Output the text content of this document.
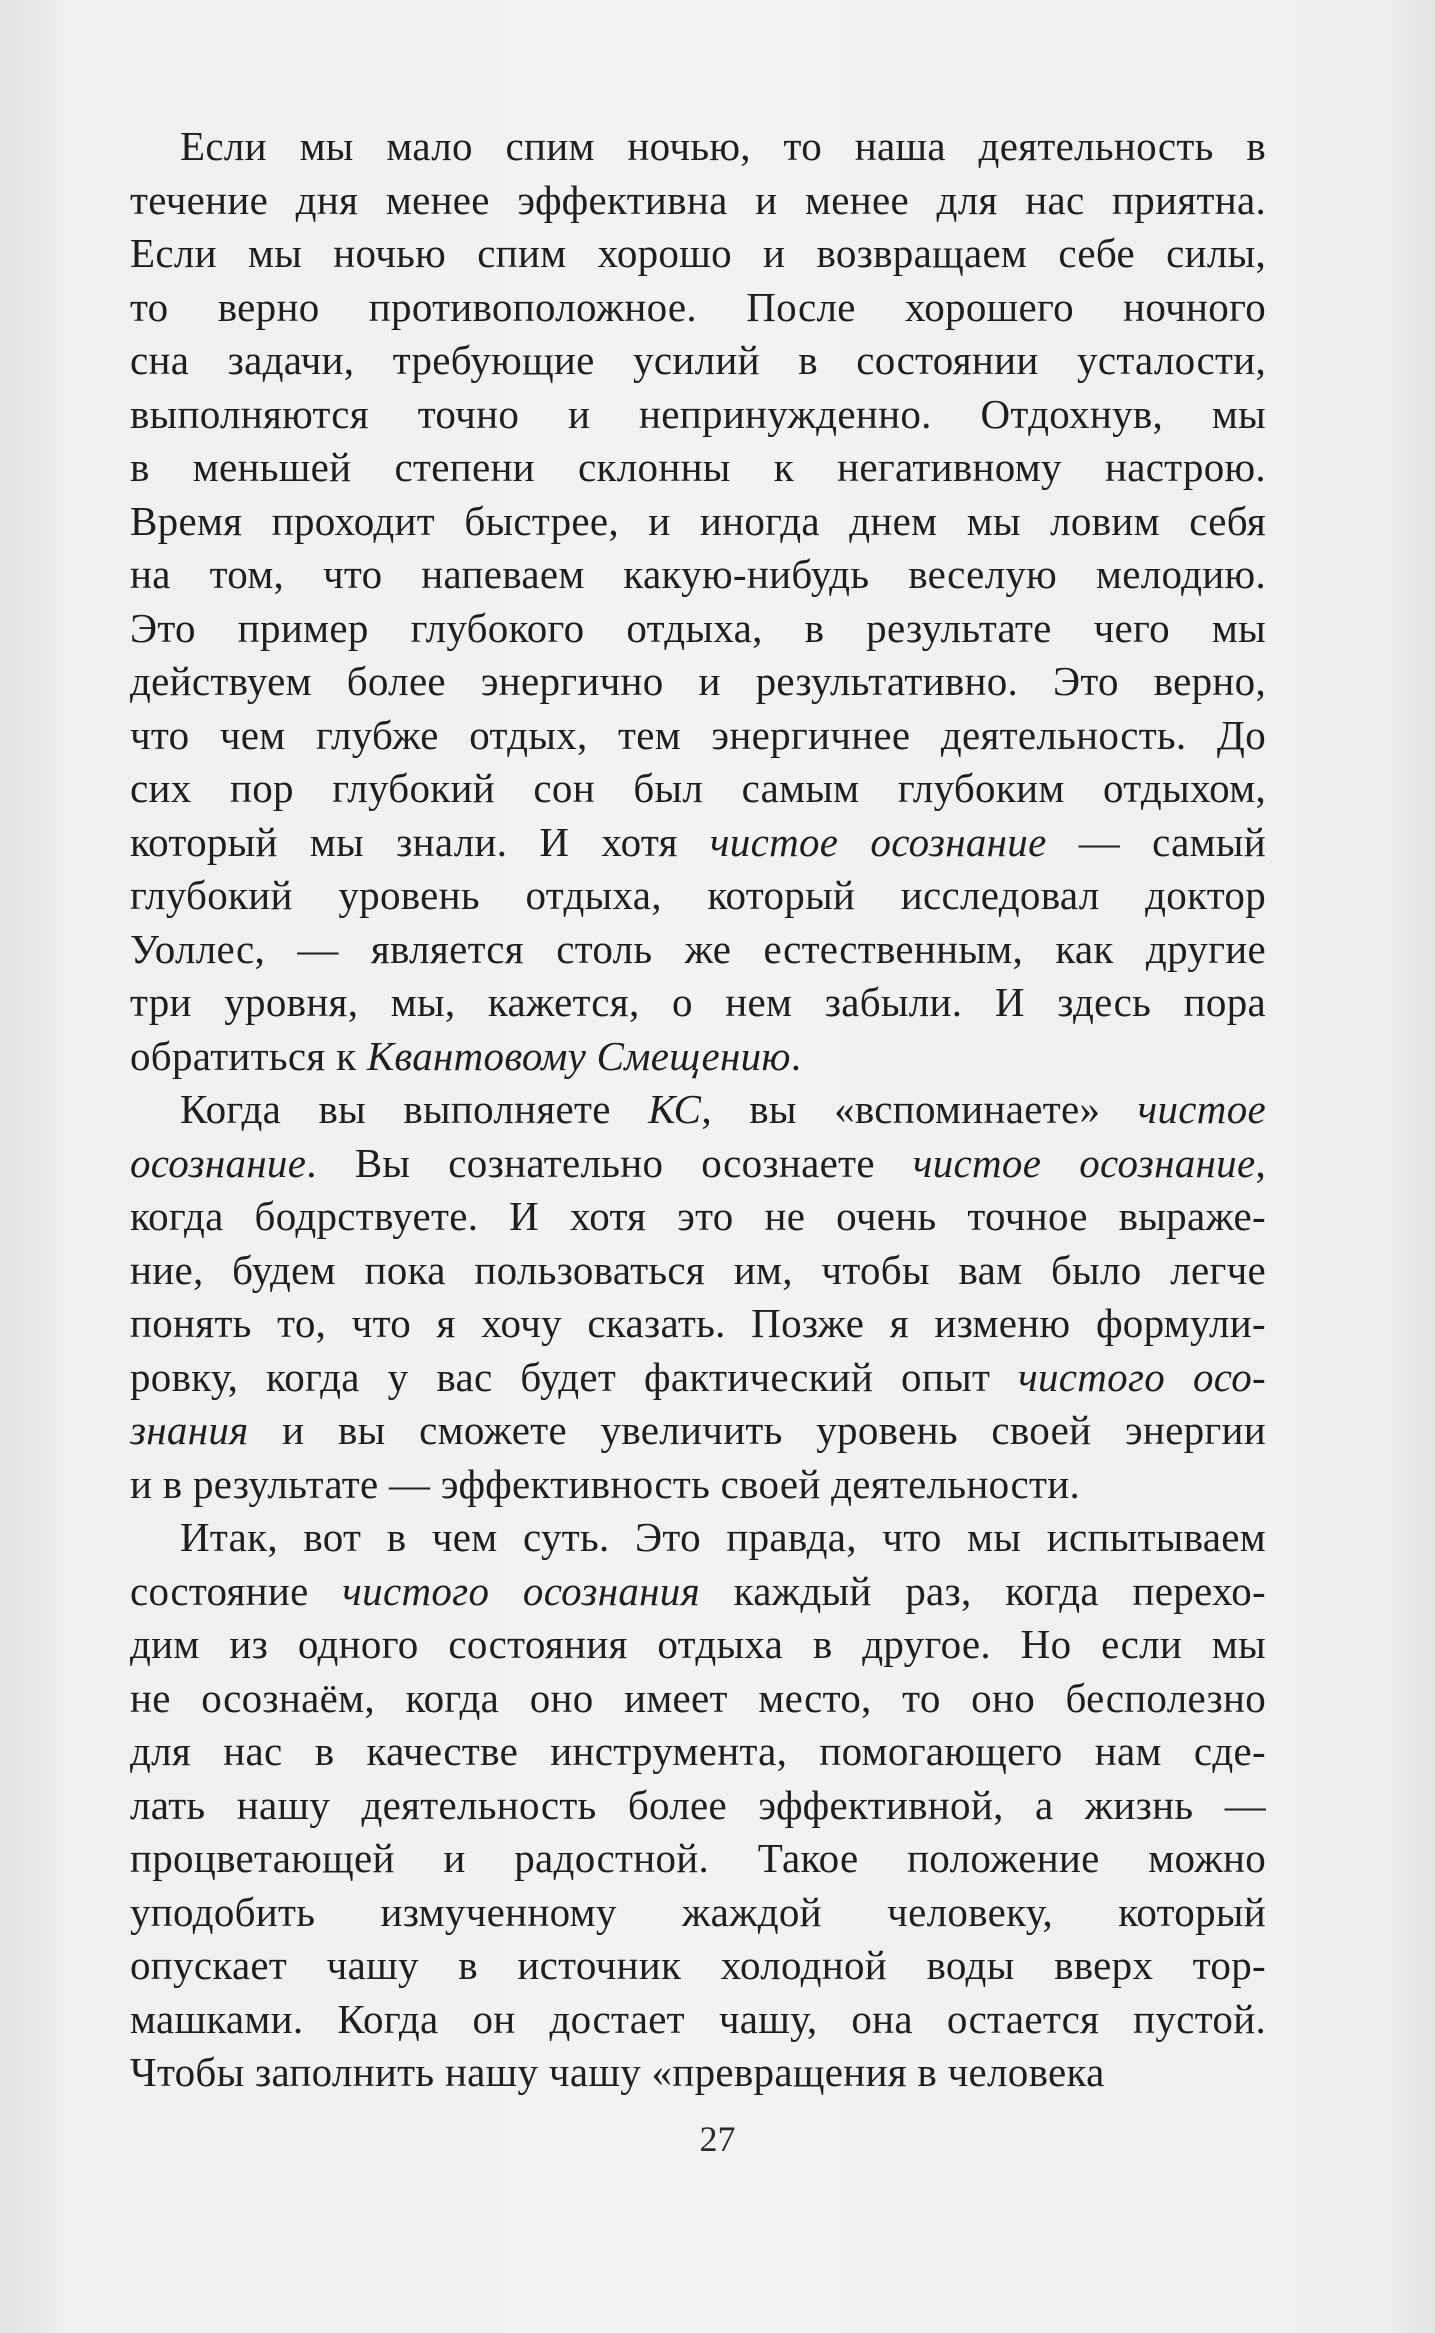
Если мы мало спим ночью, то наша деятельность в
течение дня менее эффективна и менее для нас приятна.
Если мы ночью спим хорошо и возвращаем себе силы,
то верно противоположное. После хорошего ночного
сна задачи, требующие усилий в состоянии усталости,
выполняются точно и непринужденно. Отдохнув, мы
в меньшей степени склонны к негативному настрою.
Время проходит быстрее, и иногда днем мы ловим себя
на том, что напеваем какую-нибудь веселую мелодию.
Это пример глубокого отдыха, в результате чего мы
действуем более энергично и результативно. Это верно,
что чем глубже отдых, тем энергичнее деятельность. До
сих пор глубокий сон был самым глубоким отдыхом,
который мы знали. И хотя чистое осознание — самый
глубокий уровень отдыха, который исследовал доктор
Уоллес, — является столь же естественным, как другие
три уровня, мы, кажется, о нем забыли. И здесь пора
обратиться к Квантовому Смещению.
Когда вы выполняете КС, вы «вспоминаете» чистое
осознание. Вы сознательно осознаете чистое осознание,
когда бодрствуете. И хотя это не очень точное выраже-
ние, будем пока пользоваться им, чтобы вам было легче
понять то, что я хочу сказать. Позже я изменю формули-
ровку, когда у вас будет фактический опыт чистого осо-
знания и вы сможете увеличить уровень своей энергии
и в результате — эффективность своей деятельности.
Итак, вот в чем суть. Это правда, что мы испытываем
состояние чистого осознания каждый раз, когда перехо-
дим из одного состояния отдыха в другое. Но если мы
не осознаём, когда оно имеет место, то оно бесполезно
для нас в качестве инструмента, помогающего нам сде-
лать нашу деятельность более эффективной, а жизнь —
процветающей и радостной. Такое положение можно
уподобить измученному жаждой человеку, который
опускает чашу в источник холодной воды вверх тор-
машками. Когда он достает чашу, она остается пустой.
Чтобы заполнить нашу чашу «превращения в человека
27
